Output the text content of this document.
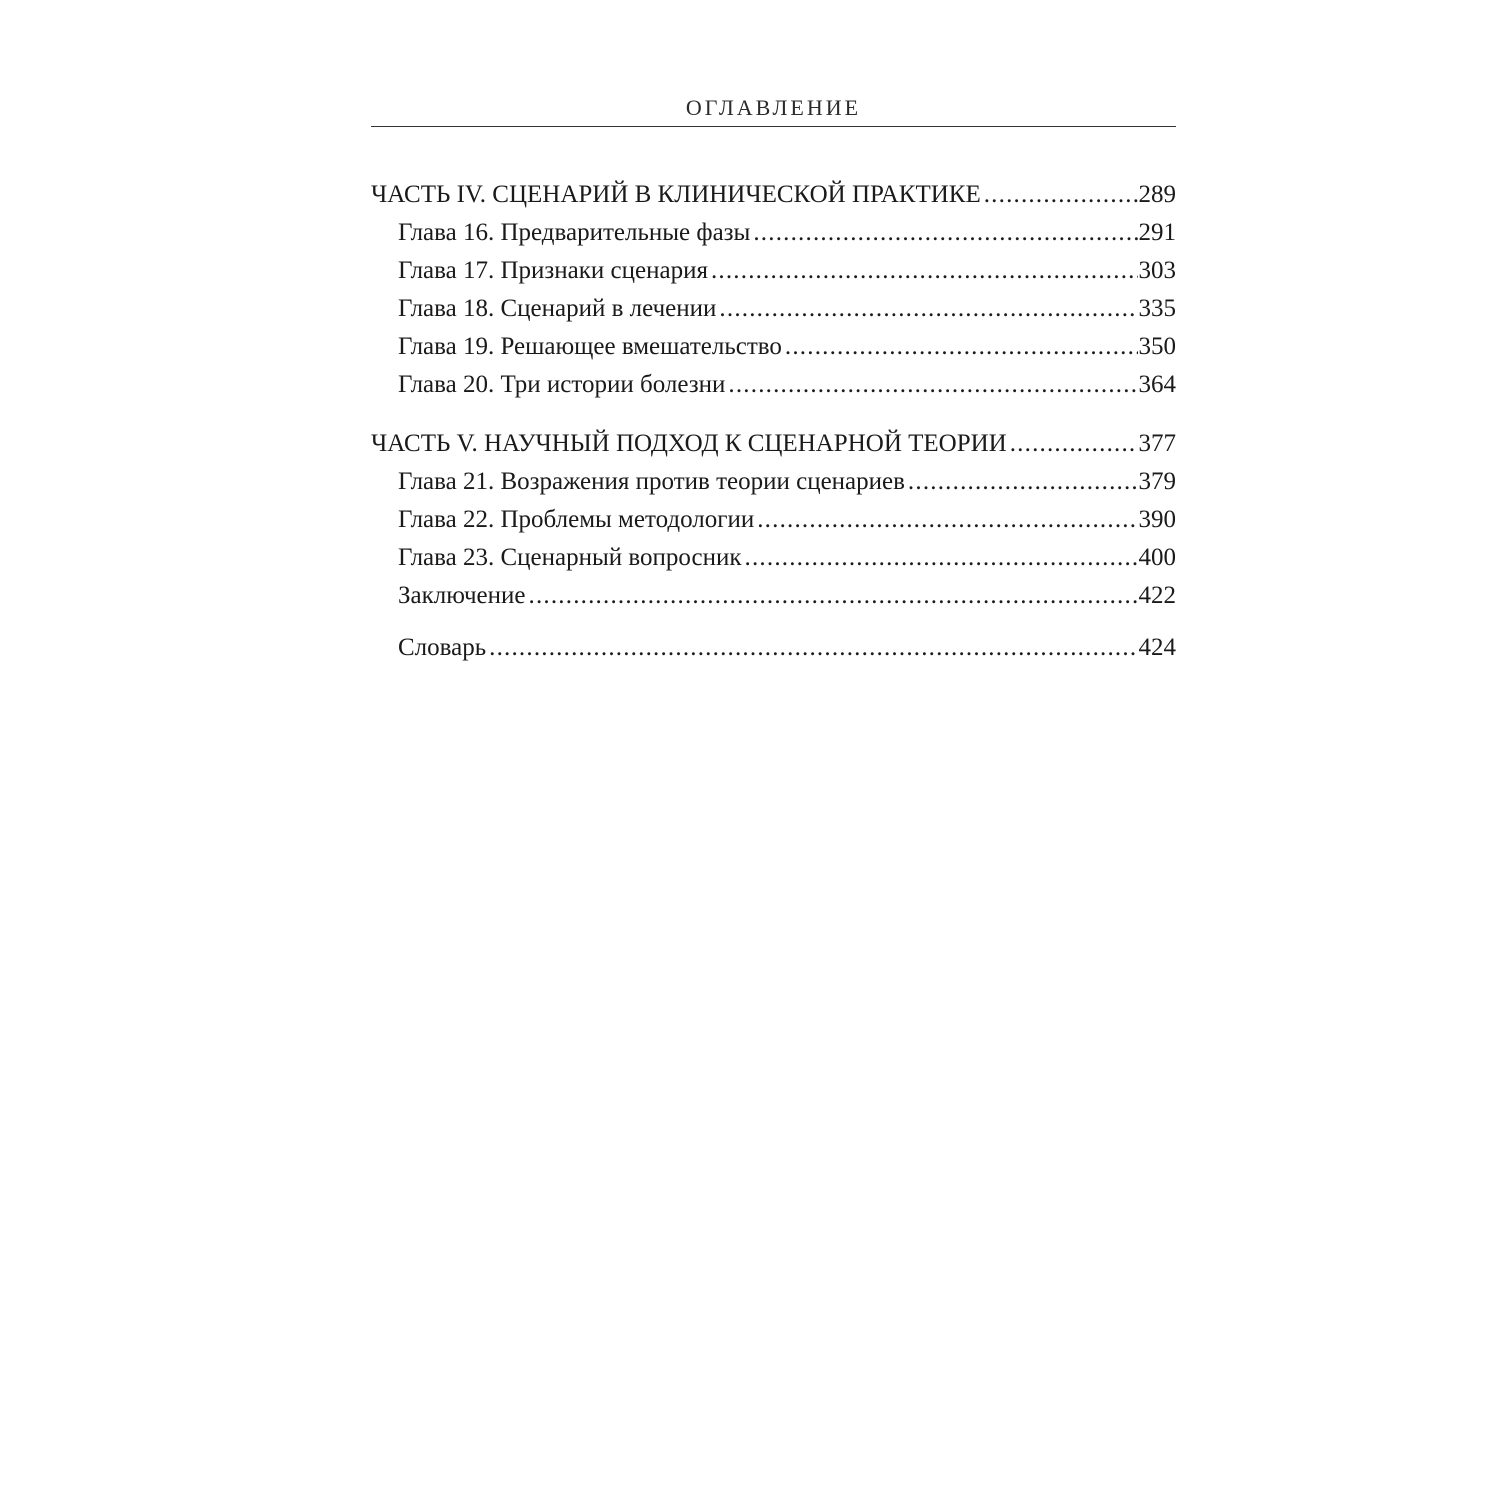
ОГЛАВЛЕНИЕ
ЧАСТЬ IV. СЦЕНАРИЙ В КЛИНИЧЕСКОЙ ПРАКТИКЕ .....	289
Глава 16. Предварительные фазы .....	291
Глава 17. Признаки сценария .....	303
Глава 18. Сценарий в лечении .....	335
Глава 19. Решающее вмешательство .....	350
Глава 20. Три истории болезни .....	364
ЧАСТЬ V. НАУЧНЫЙ ПОДХОД К СЦЕНАРНОЙ ТЕОРИИ .....	377
Глава 21. Возражения против теории сценариев .....	379
Глава 22. Проблемы методологии .....	390
Глава 23. Сценарный вопросник .....	400
Заключение .....	422
Словарь .....	424
